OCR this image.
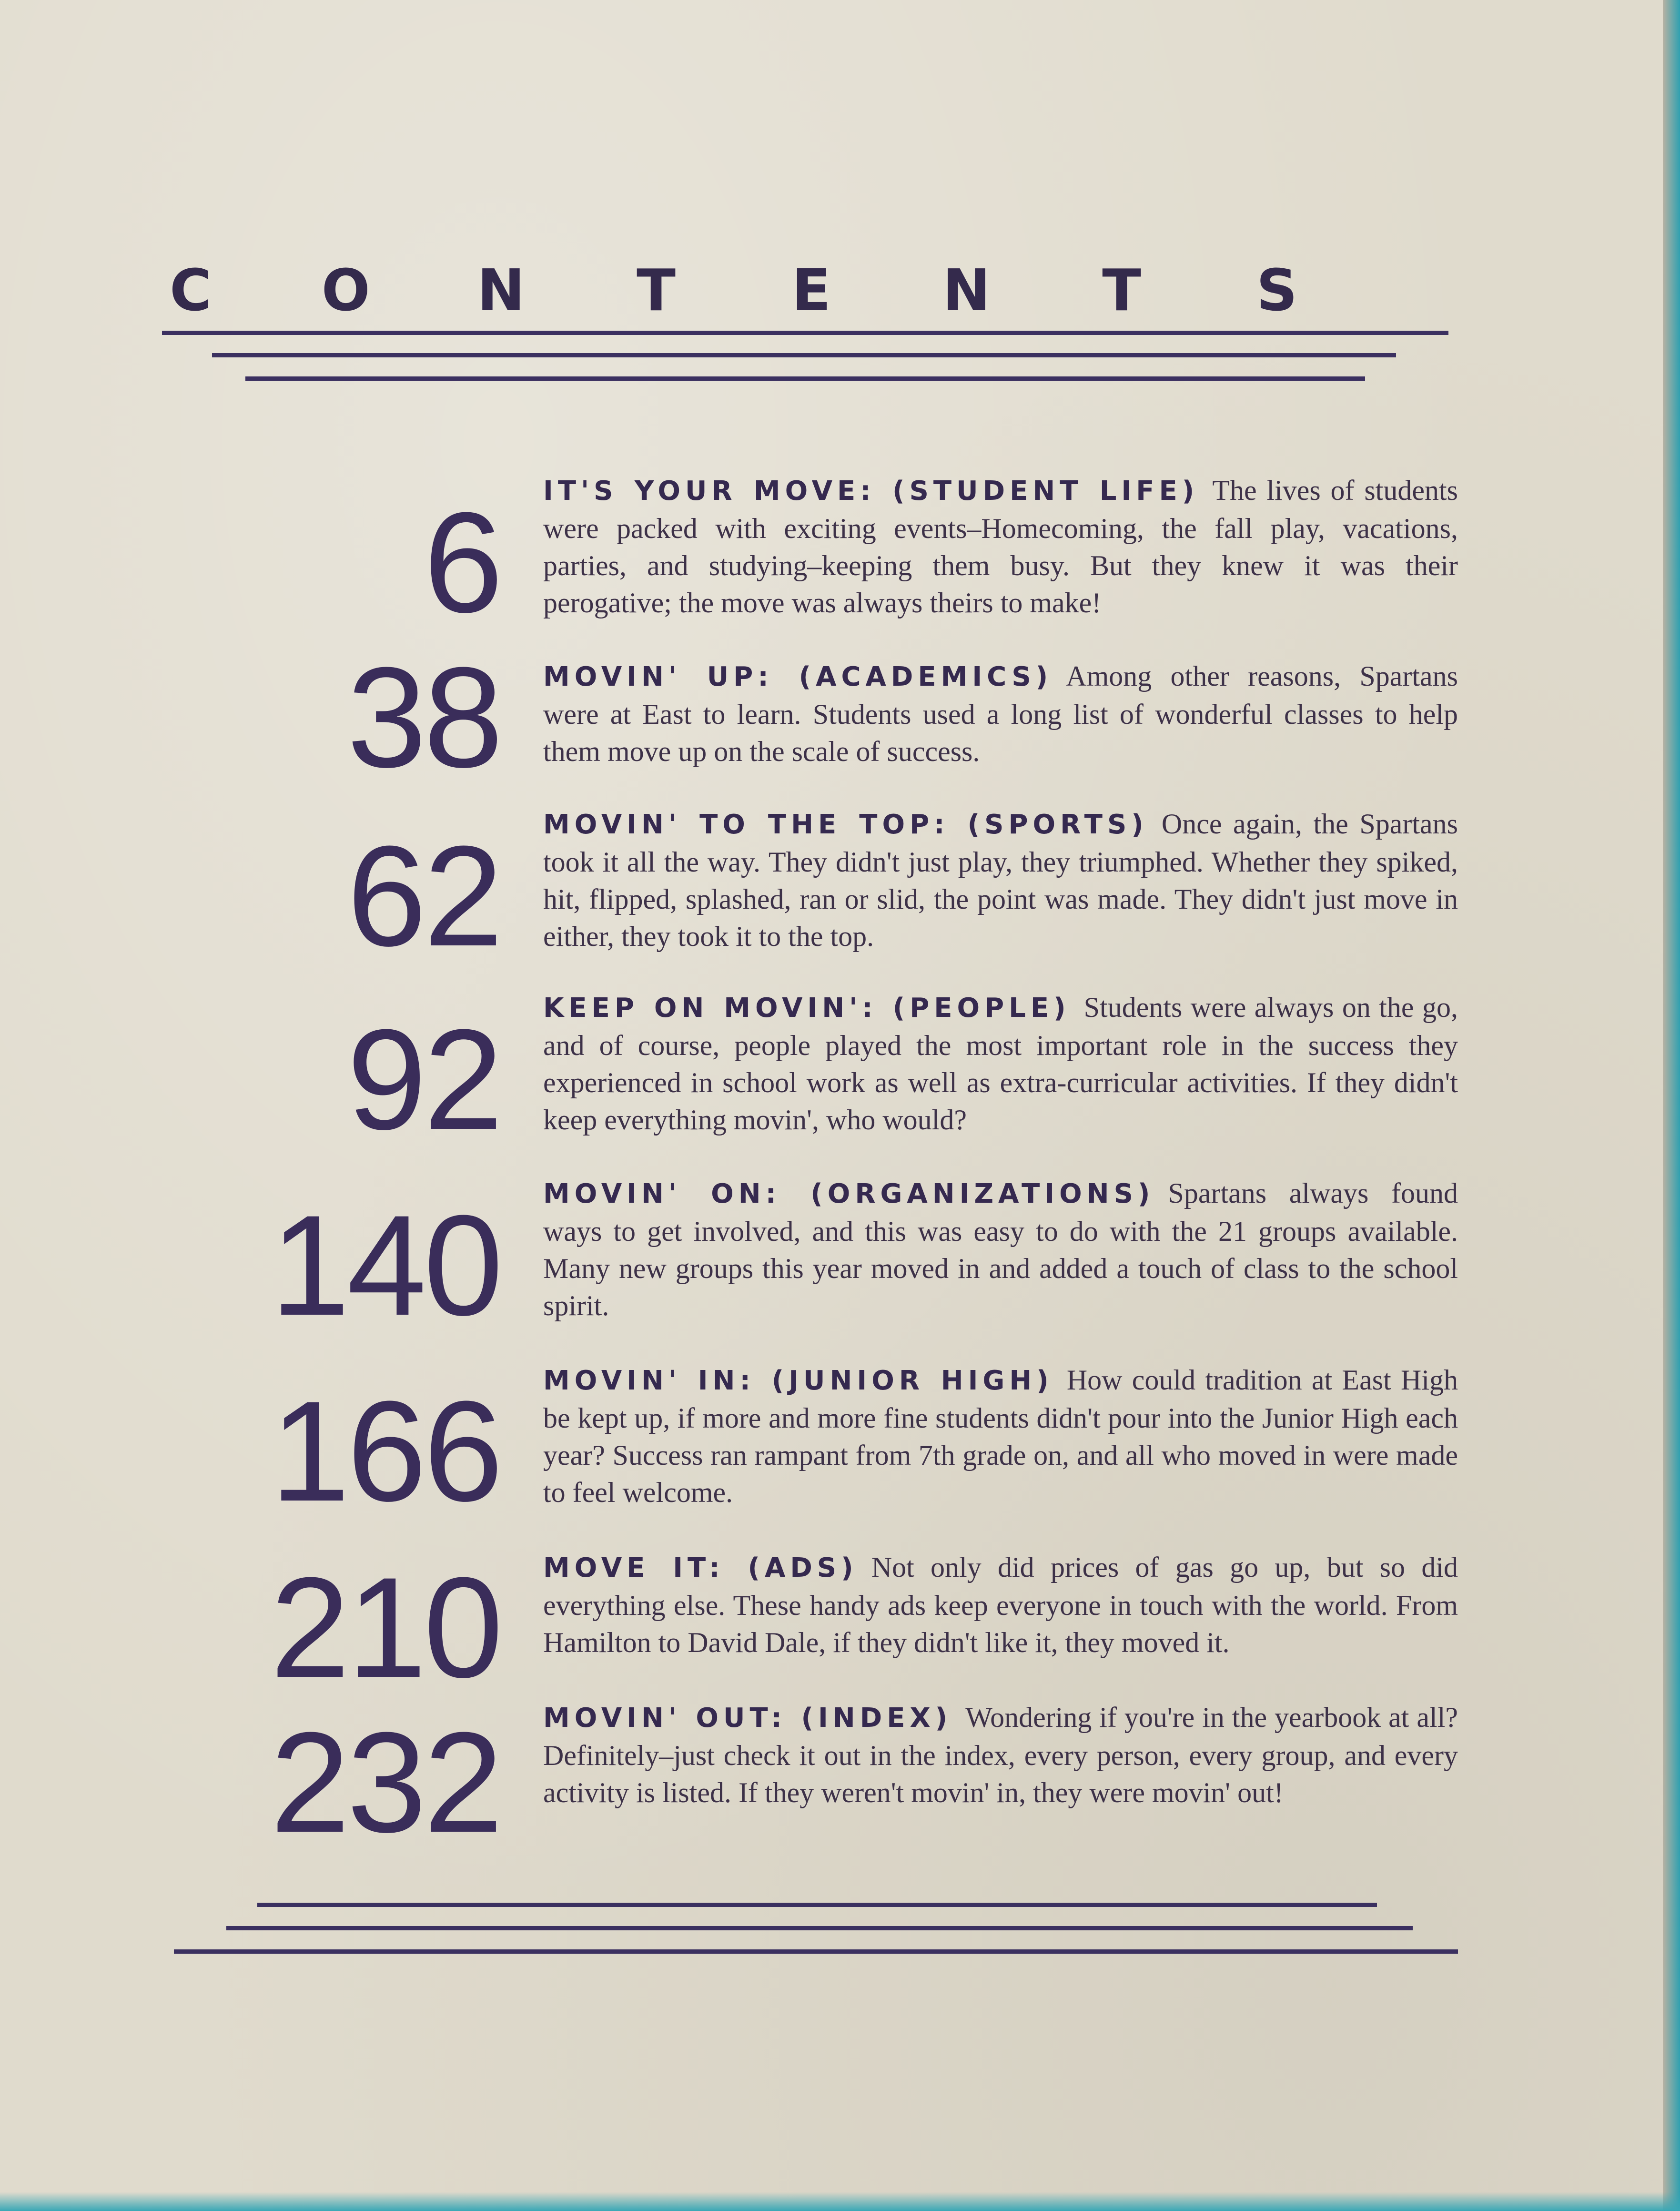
C O N T E N T S
6 IT'S YOUR MOVE: (STUDENT LIFE) The lives of students were packed with exciting events–Homecoming, the fall play, vacations, parties, and studying–keeping them busy. But they knew it was their perogative; the move was always theirs to make!
38 MOVIN' UP: (ACADEMICS) Among other reasons, Spartans were at East to learn. Students used a long list of wonderful classes to help them move up on the scale of success.
62 MOVIN' TO THE TOP: (SPORTS) Once again, the Spartans took it all the way. They didn't just play, they triumphed. Whether they spiked, hit, flipped, splashed, ran or slid, the point was made. They didn't just move in either, they took it to the top.
92 KEEP ON MOVIN': (PEOPLE) Students were always on the go, and of course, people played the most important role in the success they experienced in school work as well as extra-curricular activities. If they didn't keep everything movin', who would?
140 MOVIN' ON: (ORGANIZATIONS) Spartans always found ways to get involved, and this was easy to do with the 21 groups available. Many new groups this year moved in and added a touch of class to the school spirit.
166 MOVIN' IN: (JUNIOR HIGH) How could tradition at East High be kept up, if more and more fine students didn't pour into the Junior High each year? Success ran rampant from 7th grade on, and all who moved in were made to feel welcome.
210 MOVE IT: (ADS) Not only did prices of gas go up, but so did everything else. These handy ads keep everyone in touch with the world. From Hamilton to David Dale, if they didn't like it, they moved it.
232 MOVIN' OUT: (INDEX) Wondering if you're in the yearbook at all? Definitely–just check it out in the index, every person, every group, and every activity is listed. If they weren't movin' in, they were movin' out!
